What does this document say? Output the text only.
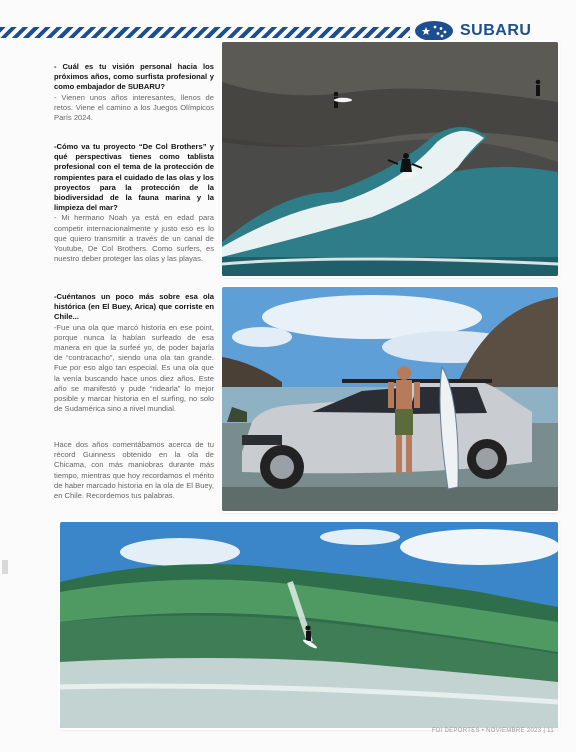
SUBARU

- Cuál es tu visión personal hacia los próximos años, como surfista profesional y como embajador de SUBARU?

- Vienen unos años interesantes, llenos de retos. Viene el camino a los Juegos Olímpicos París 2024.

-Cómo va tu proyecto “De Col Brothers” y qué perspectivas tienes como tablista profesional con el tema de la protección de rompientes para el cuidado de las olas y los proyectos para la protección de la biodiversidad de la fauna marina y la limpieza del mar?

- Mi hermano Noah ya está en edad para competir internacionalmente y justo eso es lo que quiero transmitir a través de un canal de Youtube, De Col Brothers. Como surfers, es nuestro deber proteger las olas y las playas.

-Cuéntanos un poco más sobre esa ola histórica (en El Buey, Arica) que corriste en Chile...

-Fue una ola que marcó historia en ese point, porque nunca la habían surfeado de esa manera en que la surfeé yo, de poder bajarla de “contracacho”, siendo una ola tan grande. Fue por eso algo tan especial. Es una ola que la venía buscando hace unos diez años. Este año se manifestó y pude “ridearla” lo mejor posible y marcar historia en el surfing, no solo de Sudamérica sino a nivel mundial.

Hace dos años comentábamos acerca de tu récord Guinness obtenido en la ola de Chicama, con más maniobras durante más tiempo, mientras que hoy recordamos el mérito de haber marcado historia en la ola de El Buey, en Chile. Recordemos tus palabras.

FDI DEPORTES • NOVIEMBRE 2023 | 11
